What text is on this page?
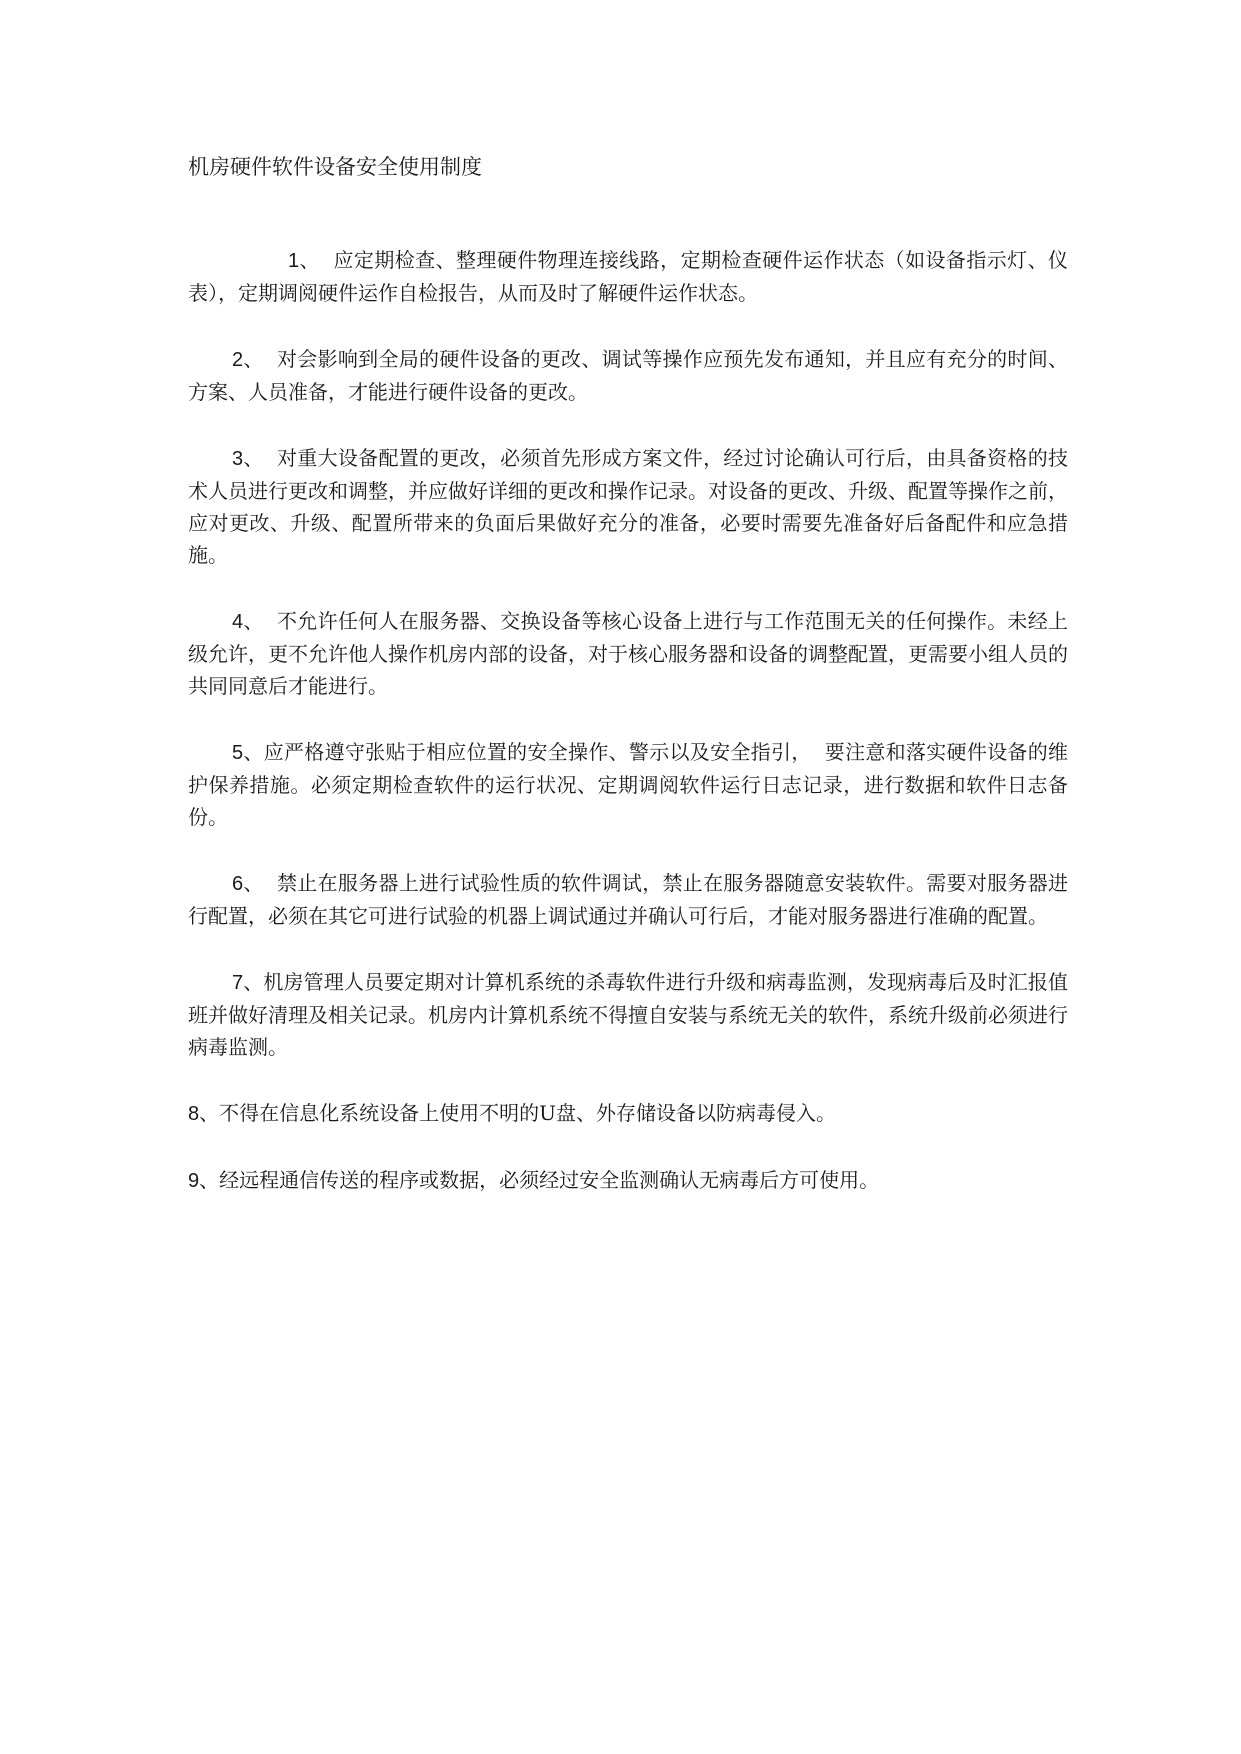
机房硬件软件设备安全使用制度

1、 应定期检查、整理硬件物理连接线路，定期检查硬件运作状态（如设备指示灯、仪表），定期调阅硬件运作自检报告，从而及时了解硬件运作状态。

2、 对会影响到全局的硬件设备的更改、调试等操作应预先发布通知，并且应有充分的时间、方案、人员准备，才能进行硬件设备的更改。

3、 对重大设备配置的更改，必须首先形成方案文件，经过讨论确认可行后，由具备资格的技术人员进行更改和调整，并应做好详细的更改和操作记录。对设备的更改、升级、配置等操作之前，应对更改、升级、配置所带来的负面后果做好充分的准备，必要时需要先准备好后备配件和应急措施。

4、 不允许任何人在服务器、交换设备等核心设备上进行与工作范围无关的任何操作。未经上级允许，更不允许他人操作机房内部的设备，对于核心服务器和设备的调整配置，更需要小组人员的共同同意后才能进行。

5、应严格遵守张贴于相应位置的安全操作、警示以及安全指引，  要注意和落实硬件设备的维护保养措施。必须定期检查软件的运行状况、定期调阅软件运行日志记录，进行数据和软件日志备份。

6、 禁止在服务器上进行试验性质的软件调试，禁止在服务器随意安装软件。需要对服务器进行配置，必须在其它可进行试验的机器上调试通过并确认可行后，才能对服务器进行准确的配置。

7、机房管理人员要定期对计算机系统的杀毒软件进行升级和病毒监测，发现病毒后及时汇报值班并做好清理及相关记录。机房内计算机系统不得擅自安装与系统无关的软件，系统升级前必须进行病毒监测。

8、不得在信息化系统设备上使用不明的U盘、外存储设备以防病毒侵入。

9、经远程通信传送的程序或数据，必须经过安全监测确认无病毒后方可使用。
